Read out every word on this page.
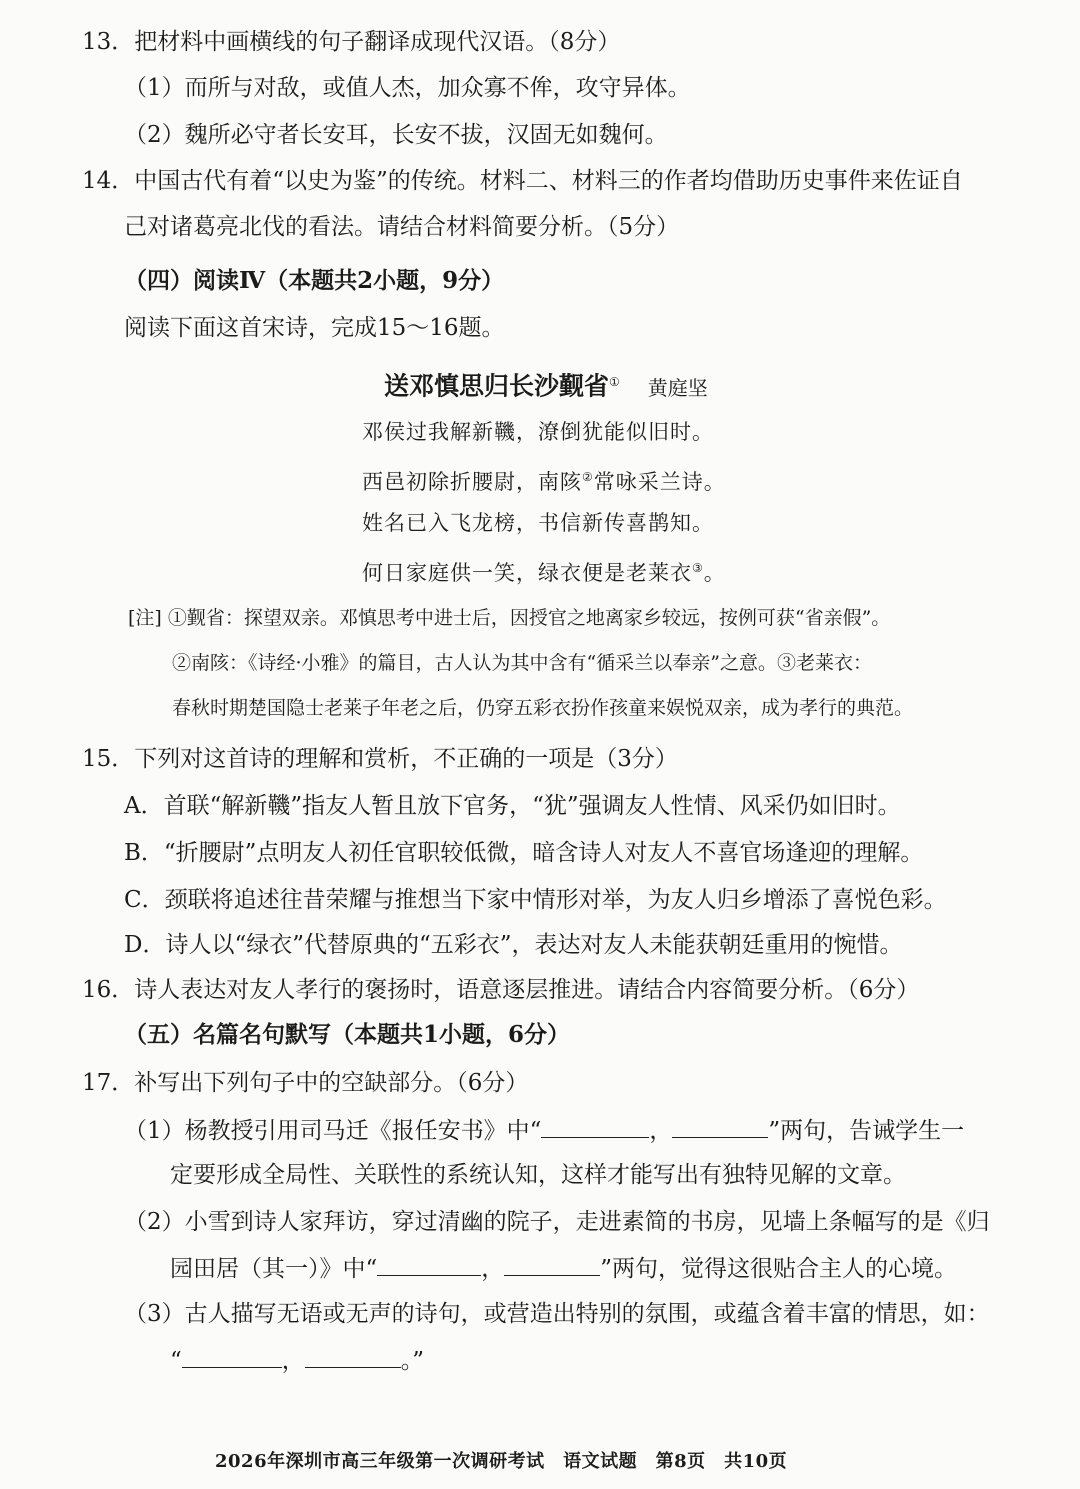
13．把材料中画横线的句子翻译成现代汉语。（8分）
（1）而所与对敌，或值人杰，加众寡不侔，攻守异体。
（2）魏所必守者长安耳，长安不拔，汉固无如魏何。
14．中国古代有着“以史为鉴”的传统。材料二、材料三的作者均借助历史事件来佐证自
己对诸葛亮北伐的看法。请结合材料简要分析。（5分）
（四）阅读Ⅳ（本题共2小题，9分）
阅读下面这首宋诗，完成15～16题。
送邓慎思归长沙觐省① 黄庭坚
邓侯过我解新鞿，潦倒犹能似旧时。
西邑初除折腰尉，南陔②常咏采兰诗。
姓名已入飞龙榜，书信新传喜鹊知。
何日家庭供一笑，绿衣便是老莱衣③。
[注] ①觐省：探望双亲。邓慎思考中进士后，因授官之地离家乡较远，按例可获“省亲假”。
②南陔：《诗经·小雅》的篇目，古人认为其中含有“循采兰以奉亲”之意。③老莱衣：
春秋时期楚国隐士老莱子年老之后，仍穿五彩衣扮作孩童来娱悦双亲，成为孝行的典范。
15．下列对这首诗的理解和赏析，不正确的一项是（3分）
A．首联“解新鞿”指友人暂且放下官务，“犹”强调友人性情、风采仍如旧时。
B．“折腰尉”点明友人初任官职较低微，暗含诗人对友人不喜官场逢迎的理解。
C．颈联将追述往昔荣耀与推想当下家中情形对举，为友人归乡增添了喜悦色彩。
D．诗人以“绿衣”代替原典的“五彩衣”，表达对友人未能获朝廷重用的惋惜。
16．诗人表达对友人孝行的褒扬时，语意逐层推进。请结合内容简要分析。（6分）
（五）名篇名句默写（本题共1小题，6分）
17．补写出下列句子中的空缺部分。（6分）
（1）杨教授引用司马迁《报任安书》中“	，	”两句，告诫学生一
定要形成全局性、关联性的系统认知，这样才能写出有独特见解的文章。
（2）小雪到诗人家拜访，穿过清幽的院子，走进素简的书房，见墙上条幅写的是《归
园田居（其一）》中“	，	”两句，觉得这很贴合主人的心境。
（3）古人描写无语或无声的诗句，或营造出特别的氛围，或蕴含着丰富的情思，如：
“	，	。”
2026年深圳市高三年级第一次调研考试　语文试题　第8页　共10页
